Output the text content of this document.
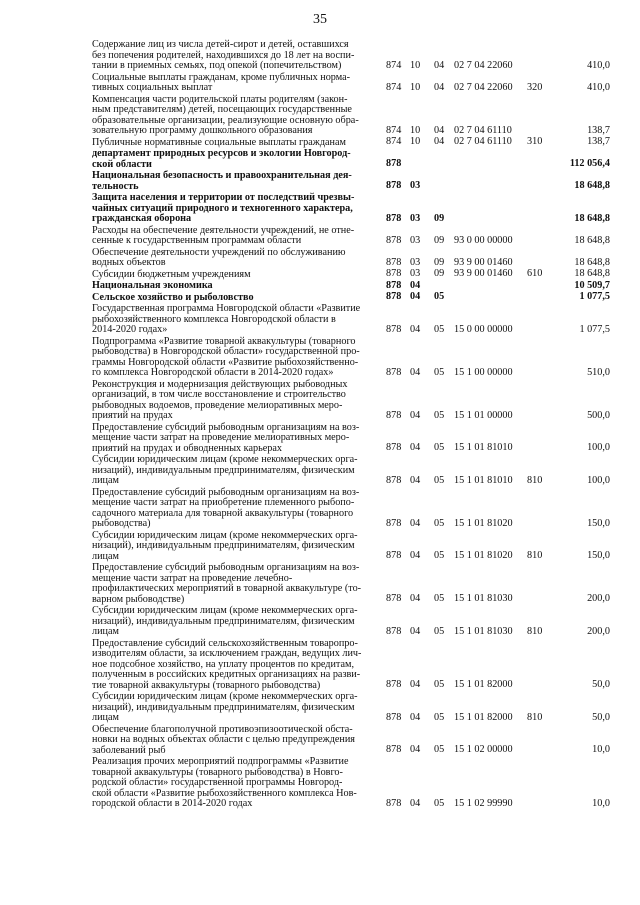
35
Содержание лиц из числа детей-сирот и детей, оставшихся
без попечения родителей, находившихся до 18 лет на воспи-
тании в приемных семьях, под опекой (попечительством)	874 10 04 02 7 04 22060	410,0
Социальные выплаты гражданам, кроме публичных норма-
тивных социальных выплат	874 10 04 02 7 04 22060 320	410,0
Компенсация части родительской платы родителям (закон-
ным представителям) детей, посещающих государственные
образовательные организации, реализующие основную обра-
зовательную программу дошкольного образования	874 10 04 02 7 04 61110	138,7
Публичные нормативные социальные выплаты гражданам	874 10 04 02 7 04 61110 310	138,7
департамент природных ресурсов и экологии Новгород-
ской области	878	112 056,4
Национальная безопасность и правоохранительная дея-
тельность	878 03	18 648,8
Защита населения и территории от последствий чрезвы-
чайных ситуаций природного и техногенного характера,
гражданская оборона	878 03 09	18 648,8
Расходы на обеспечение деятельности учреждений, не отне-
сенные к государственным программам области	878 03 09 93 0 00 00000	18 648,8
Обеспечение деятельности учреждений по обслуживанию
водных объектов	878 03 09 93 9 00 01460	18 648,8
Субсидии бюджетным учреждениям	878 03 09 93 9 00 01460 610	18 648,8
Национальная экономика	878 04	10 509,7
Сельское хозяйство и рыболовство	878 04 05	1 077,5
Государственная программа Новгородской области «Развитие
рыбохозяйственного комплекса Новгородской области в
2014-2020 годах»	878 04 05 15 0 00 00000	1 077,5
Подпрограмма «Развитие товарной аквакультуры (товарного
рыбоводства) в Новгородской области» государственной про-
граммы Новгородской области «Развитие рыбохозяйственно-
го комплекса Новгородской области в 2014-2020 годах»	878 04 05 15 1 00 00000	510,0
Реконструкция и модернизация действующих рыбоводных
организаций, в том числе восстановление и строительство
рыбоводных водоемов, проведение мелиоративных меро-
приятий на прудах	878 04 05 15 1 01 00000	500,0
Предоставление субсидий рыбоводным организациям на воз-
мещение части затрат на проведение мелиоративных меро-
приятий на прудах и обводненных карьерах	878 04 05 15 1 01 81010	100,0
Субсидии юридическим лицам (кроме некоммерческих орга-
низаций), индивидуальным предпринимателям, физическим
лицам	878 04 05 15 1 01 81010 810	100,0
Предоставление субсидий рыбоводным организациям на воз-
мещение части затрат на приобретение племенного рыбопо-
садочного материала для товарной аквакультуры (товарного
рыбоводства)	878 04 05 15 1 01 81020	150,0
Субсидии юридическим лицам (кроме некоммерческих орга-
низаций), индивидуальным предпринимателям, физическим
лицам	878 04 05 15 1 01 81020 810	150,0
Предоставление субсидий рыбоводным организациям на воз-
мещение части затрат на проведение лечебно-
профилактических мероприятий в товарной аквакультуре (то-
варном рыбоводстве)	878 04 05 15 1 01 81030	200,0
Субсидии юридическим лицам (кроме некоммерческих орга-
низаций), индивидуальным предпринимателям, физическим
лицам	878 04 05 15 1 01 81030 810	200,0
Предоставление субсидий сельскохозяйственным товаропро-
изводителям области, за исключением граждан, ведущих лич-
ное подсобное хозяйство, на уплату процентов по кредитам,
полученным в российских кредитных организациях на разви-
тие товарной аквакультуры (товарного рыбоводства)	878 04 05 15 1 01 82000	50,0
Субсидии юридическим лицам (кроме некоммерческих орга-
низаций), индивидуальным предпринимателям, физическим
лицам	878 04 05 15 1 01 82000 810	50,0
Обеспечение благополучной противоэпизоотической обста-
новки на водных объектах области с целью предупреждения
заболеваний рыб	878 04 05 15 1 02 00000	10,0
Реализация прочих мероприятий подпрограммы «Развитие
товарной аквакультуры (товарного рыбоводства) в Новго-
родской области» государственной программы Новгород-
ской области «Развитие рыбохозяйственного комплекса Нов-
городской области в 2014-2020 годах	878 04 05 15 1 02 99990	10,0
